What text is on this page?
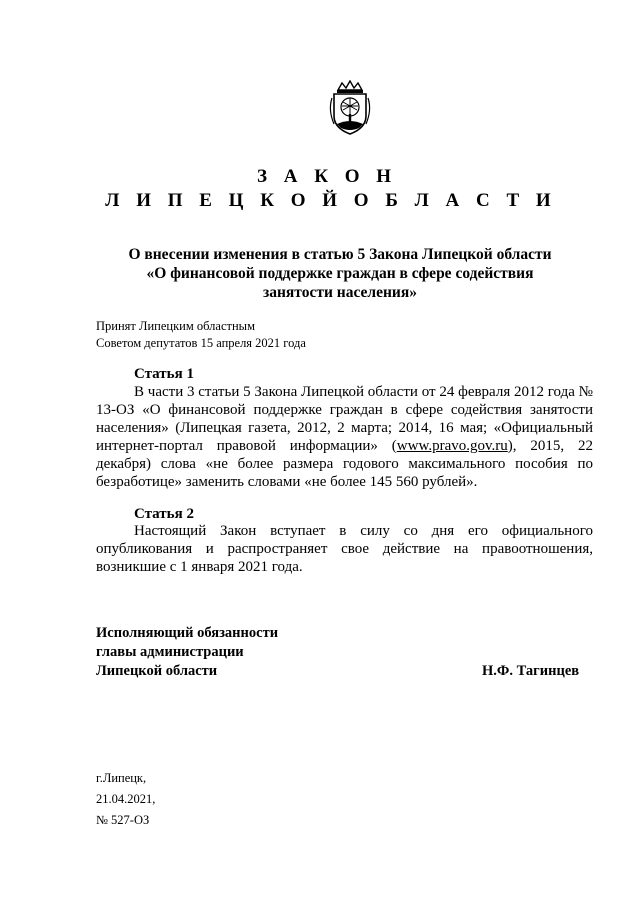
З А К О Н
Л И П Е Ц К О Й О Б Л А С Т И
О внесении изменения в статью 5 Закона Липецкой области
«О финансовой поддержке граждан в сфере содействия
занятости населения»
Принят Липецким областным
Советом депутатов 15 апреля 2021 года
Статья 1
В части 3 статьи 5 Закона Липецкой области от 24 февраля 2012 года № 13-ОЗ «О финансовой поддержке граждан в сфере содействия занятости населения» (Липецкая газета, 2012, 2 марта; 2014, 16 мая; «Официальный интернет-портал правовой информации» (www.pravo.gov.ru), 2015, 22 декабря) слова «не более размера годового максимального пособия по безработице» заменить словами «не более 145 560 рублей».
Статья 2
Настоящий Закон вступает в силу со дня его официального опубликования и распространяет свое действие на правоотношения, возникшие с 1 января 2021 года.
Исполняющий обязанности
главы администрации
Липецкой области	Н.Ф. Тагинцев
г.Липецк,
21.04.2021,
№ 527-ОЗ
